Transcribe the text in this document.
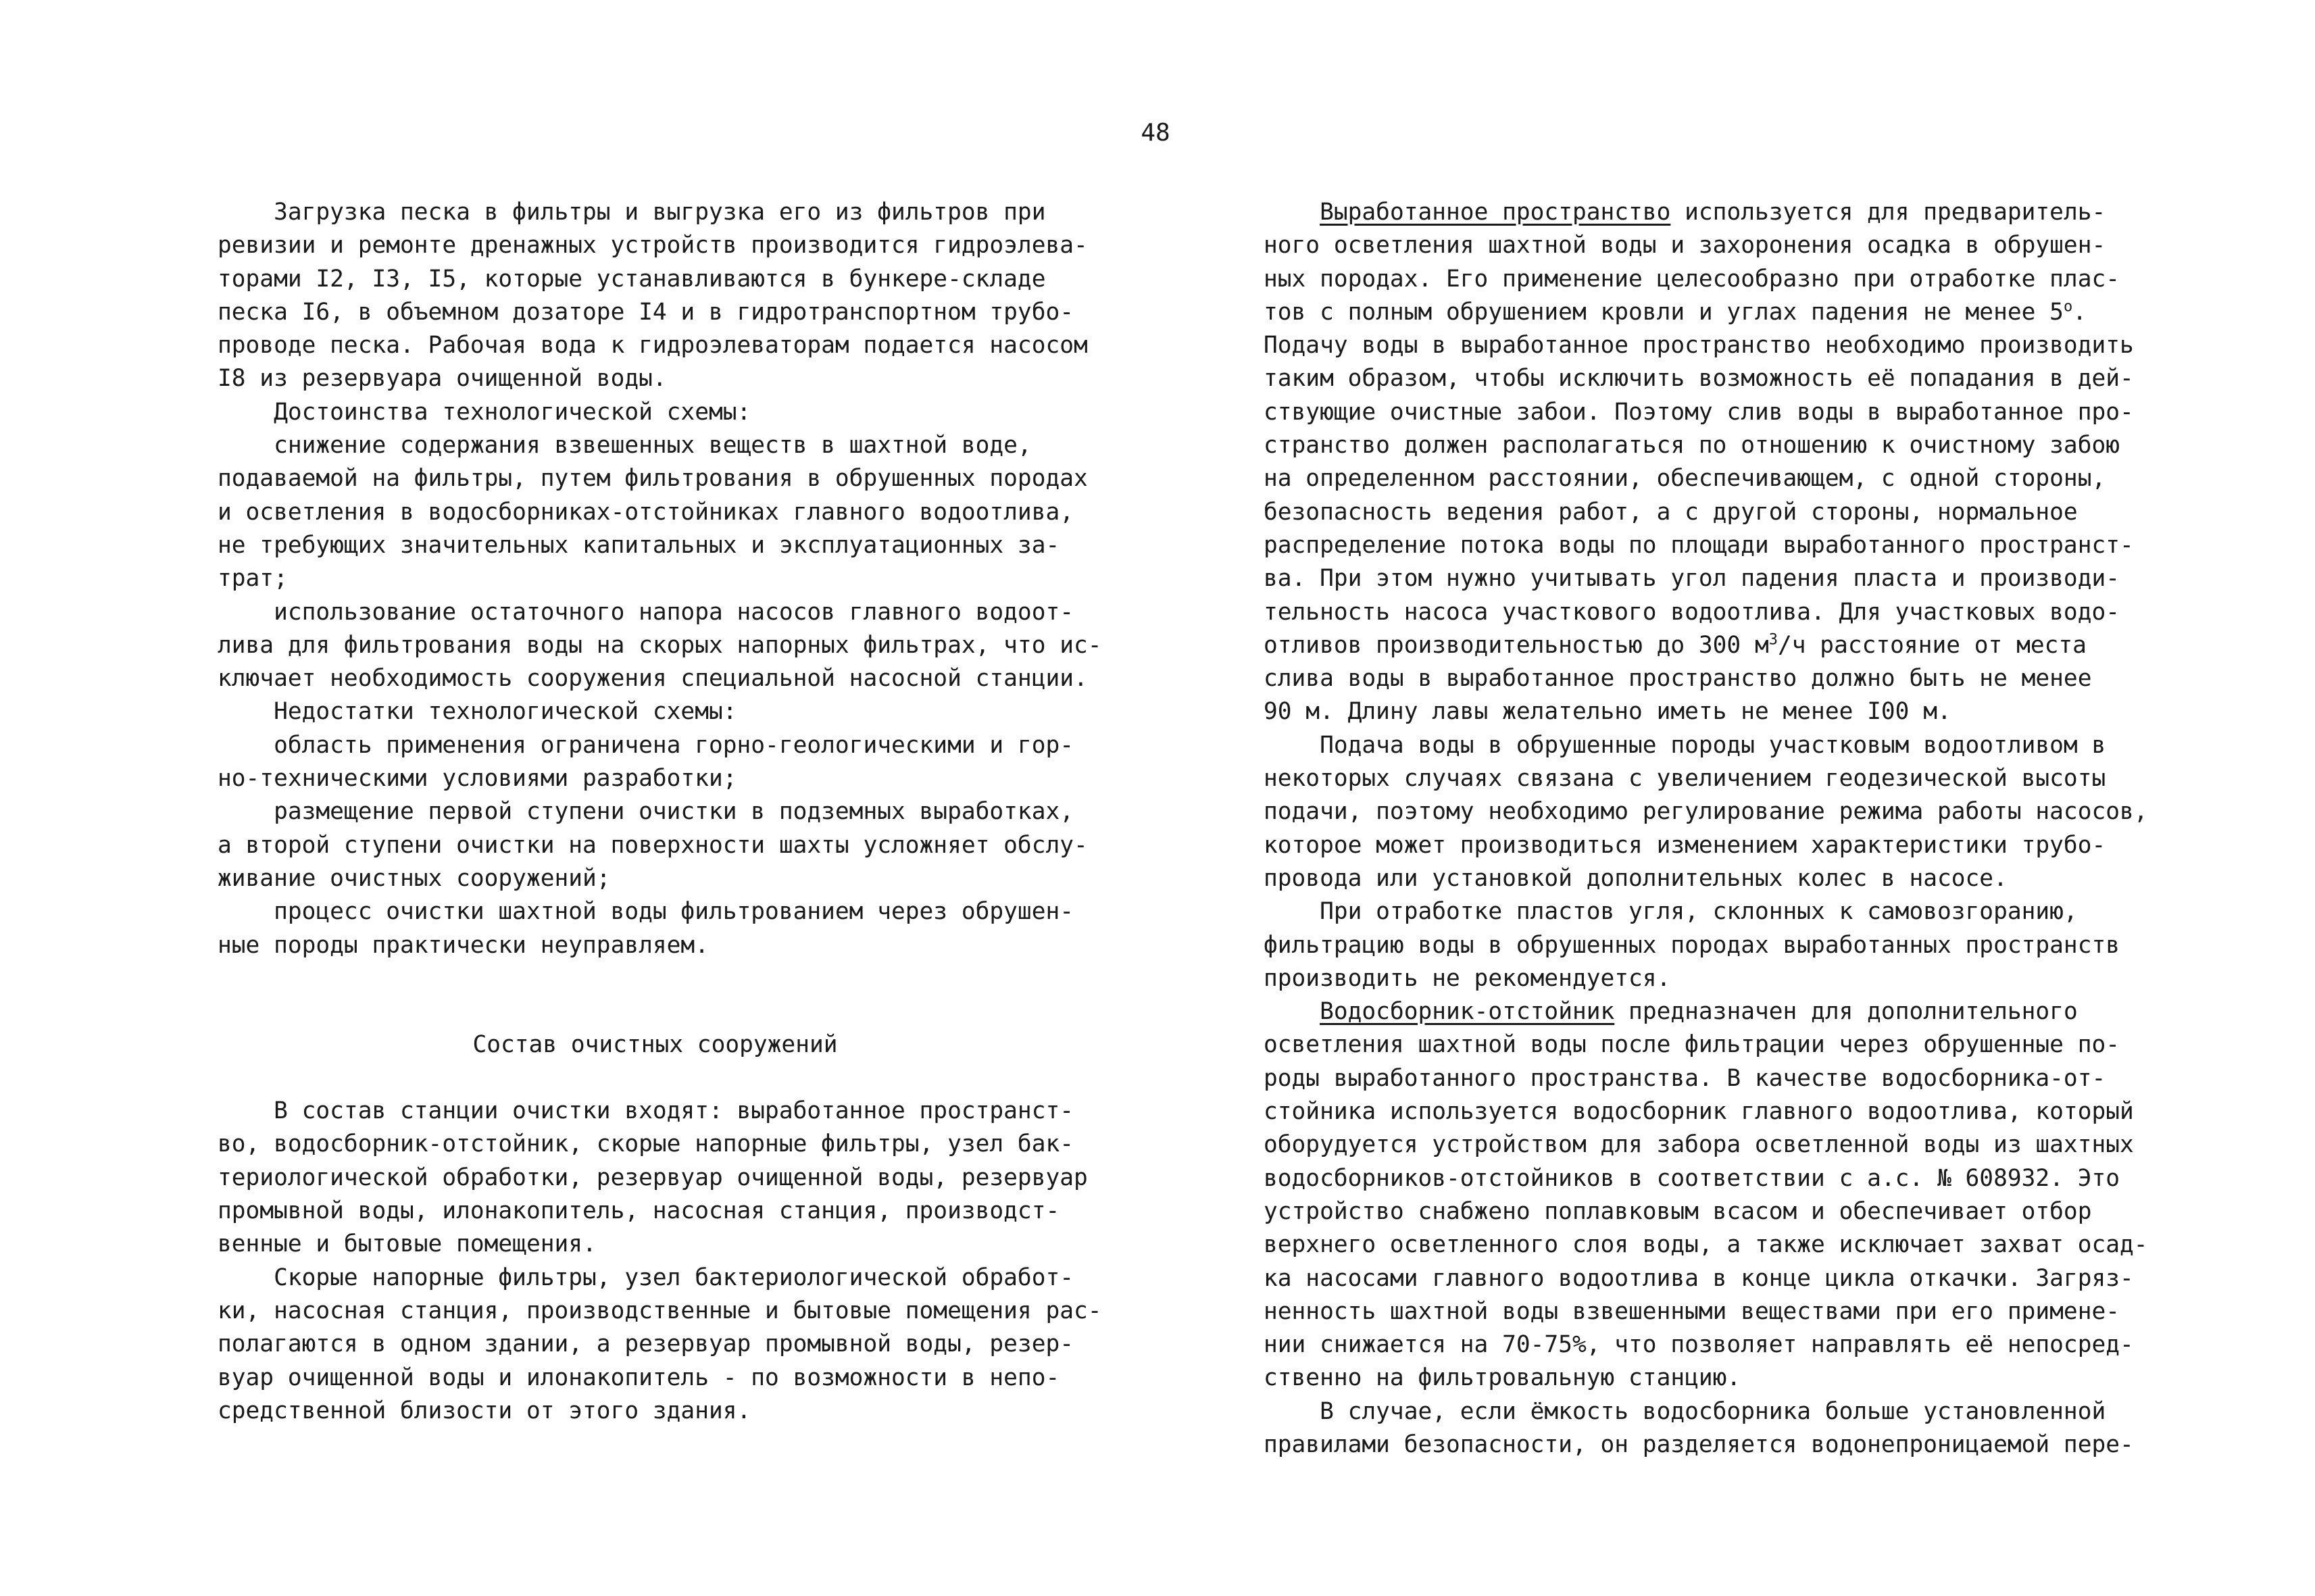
48
Загрузка песка в фильтры и выгрузка его из фильтров при
ревизии и ремонте дренажных устройств производится гидроэлева-
торами I2, I3, I5, которые устанавливаются в бункере-складе
песка I6, в объемном дозаторе I4 и в гидротранспортном трубо-
проводе песка. Рабочая вода к гидроэлеваторам подается насосом
I8 из резервуара очищенной воды.
Достоинства технологической схемы:
снижение содержания взвешенных веществ в шахтной воде,
подаваемой на фильтры, путем фильтрования в обрушенных породах
и осветления в водосборниках-отстойниках главного водоотлива,
не требующих значительных капитальных и эксплуатационных за-
трат;
использование остаточного напора насосов главного водоот-
лива для фильтрования воды на скорых напорных фильтрах, что ис-
ключает необходимость сооружения специальной насосной станции.
Недостатки технологической схемы:
область применения ограничена горно-геологическими и гор-
но-техническими условиями разработки;
размещение первой ступени очистки в подземных выработках,
а второй ступени очистки на поверхности шахты усложняет обслу-
живание очистных сооружений;
процесс очистки шахтной воды фильтрованием через обрушен-
ные породы практически неуправляем.
Состав очистных сооружений
В состав станции очистки входят: выработанное пространст-
во, водосборник-отстойник, скорые напорные фильтры, узел бак-
териологической обработки, резервуар очищенной воды, резервуар
промывной воды, илонакопитель, насосная станция, производст-
венные и бытовые помещения.
Скорые напорные фильтры, узел бактериологической обработ-
ки, насосная станция, производственные и бытовые помещения рас-
полагаются в одном здании, а резервуар промывной воды, резер-
вуар очищенной воды и илонакопитель - по возможности в непо-
средственной близости от этого здания.
Выработанное пространство используется для предваритель-
ного осветления шахтной воды и захоронения осадка в обрушен-
ных породах. Его применение целесообразно при отработке плас-
тов с полным обрушением кровли и углах падения не менее 5$^o$.
Подачу воды в выработанное пространство необходимо производить
таким образом, чтобы исключить возможность её попадания в дей-
ствующие очистные забои. Поэтому слив воды в выработанное про-
странство должен располагаться по отношению к очистному забою
на определенном расстоянии, обеспечивающем, с одной стороны,
безопасность ведения работ, а с другой стороны, нормальное
распределение потока воды по площади выработанного пространст-
ва. При этом нужно учитывать угол падения пласта и производи-
тельность насоса участкового водоотлива. Для участковых водо-
отливов производительностью до 300 $м^3/ч$ расстояние от места
слива воды в выработанное пространство должно быть не менее
90 м. Длину лавы желательно иметь не менее I00 м.
Подача воды в обрушенные породы участковым водоотливом в
некоторых случаях связана с увеличением геодезической высоты
подачи, поэтому необходимо регулирование режима работы насосов,
которое может производиться изменением характеристики трубо-
провода или установкой дополнительных колес в насосе.
При отработке пластов угля, склонных к самовозгоранию,
фильтрацию воды в обрушенных породах выработанных пространств
производить не рекомендуется.
Водосборник-отстойник предназначен для дополнительного
осветления шахтной воды после фильтрации через обрушенные по-
роды выработанного пространства. В качестве водосборника-от-
стойника используется водосборник главного водоотлива, который
оборудуется устройством для забора осветленной воды из шахтных
водосборников-отстойников в соответствии с а.с. № 608932. Это
устройство снабжено поплавковым всасом и обеспечивает отбор
верхнего осветленного слоя воды, а также исключает захват осад-
ка насосами главного водоотлива в конце цикла откачки. Загряз-
ненность шахтной воды взвешенными веществами при его примене-
нии снижается на 70-75%, что позволяет направлять её непосред-
ственно на фильтровальную станцию.
В случае, если ёмкость водосборника больше установленной
правилами безопасности, он разделяется водонепроницаемой пере-
